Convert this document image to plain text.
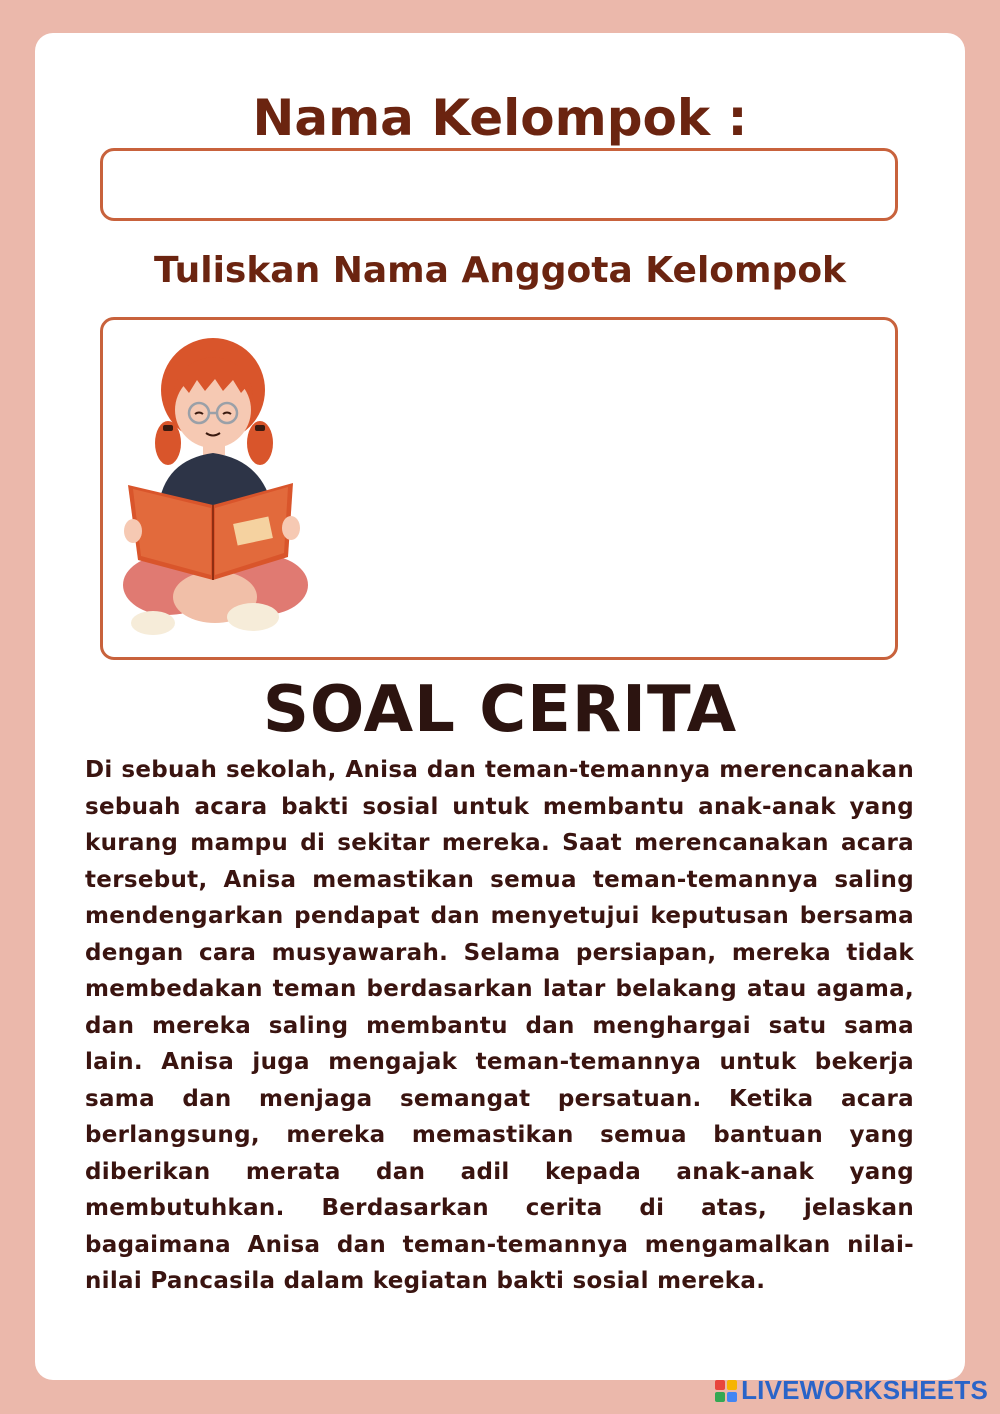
Nama Kelompok :
Tuliskan Nama Anggota Kelompok
SOAL CERITA

Di sebuah sekolah, Anisa dan teman-temannya merencanakan sebuah acara bakti sosial untuk membantu anak-anak yang kurang mampu di sekitar mereka. Saat merencanakan acara tersebut, Anisa memastikan semua teman-temannya saling mendengarkan pendapat dan menyetujui keputusan bersama dengan cara musyawarah. Selama persiapan, mereka tidak membedakan teman berdasarkan latar belakang atau agama, dan mereka saling membantu dan menghargai satu sama lain. Anisa juga mengajak teman-temannya untuk bekerja sama dan menjaga semangat persatuan. Ketika acara berlangsung, mereka memastikan semua bantuan yang diberikan merata dan adil kepada anak-anak yang membutuhkan. Berdasarkan cerita di atas, jelaskan bagaimana Anisa dan teman-temannya mengamalkan nilai-nilai Pancasila dalam kegiatan bakti sosial mereka.

LIVEWORKSHEETS
